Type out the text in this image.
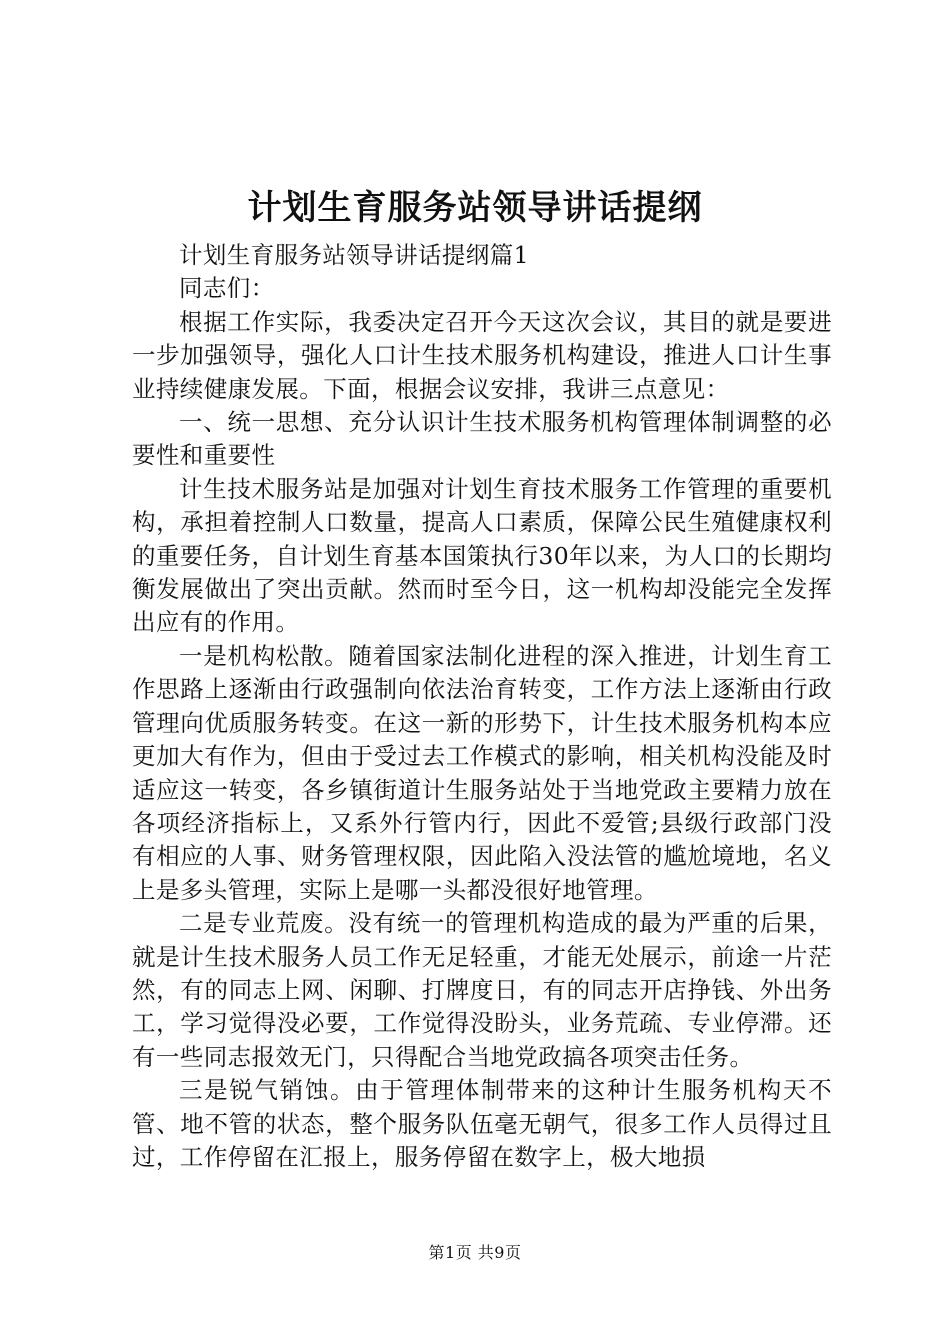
计划生育服务站领导讲话提纲

计划生育服务站领导讲话提纲篇1

同志们：

根据工作实际，我委决定召开今天这次会议，其目的就是要进一步加强领导，强化人口计生技术服务机构建设，推进人口计生事业持续健康发展。下面，根据会议安排，我讲三点意见：

一、统一思想、充分认识计生技术服务机构管理体制调整的必要性和重要性

计生技术服务站是加强对计划生育技术服务工作管理的重要机构，承担着控制人口数量，提高人口素质，保障公民生殖健康权利的重要任务，自计划生育基本国策执行30年以来，为人口的长期均衡发展做出了突出贡献。然而时至今日，这一机构却没能完全发挥出应有的作用。

一是机构松散。随着国家法制化进程的深入推进，计划生育工作思路上逐渐由行政强制向依法治育转变，工作方法上逐渐由行政管理向优质服务转变。在这一新的形势下，计生技术服务机构本应更加大有作为，但由于受过去工作模式的影响，相关机构没能及时适应这一转变，各乡镇街道计生服务站处于当地党政主要精力放在各项经济指标上，又系外行管内行，因此不爱管;县级行政部门没有相应的人事、财务管理权限，因此陷入没法管的尴尬境地，名义上是多头管理，实际上是哪一头都没很好地管理。

二是专业荒废。没有统一的管理机构造成的最为严重的后果，就是计生技术服务人员工作无足轻重，才能无处展示，前途一片茫然，有的同志上网、闲聊、打牌度日，有的同志开店挣钱、外出务工，学习觉得没必要，工作觉得没盼头，业务荒疏、专业停滞。还有一些同志报效无门，只得配合当地党政搞各项突击任务。

三是锐气销蚀。由于管理体制带来的这种计生服务机构天不管、地不管的状态，整个服务队伍毫无朝气，很多工作人员得过且过，工作停留在汇报上，服务停留在数字上，极大地损

第1页 共9页
